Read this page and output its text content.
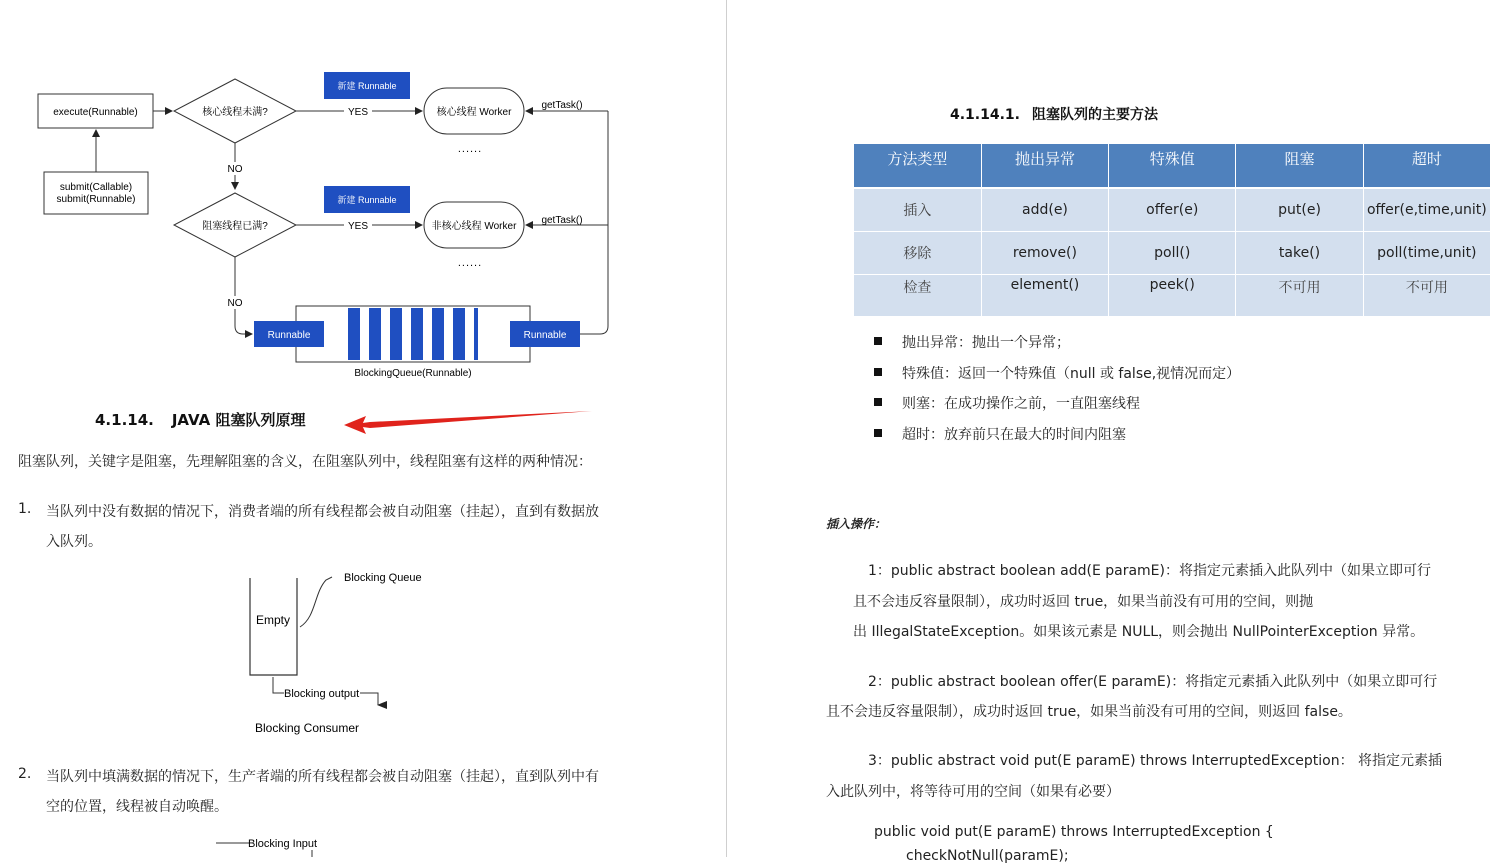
execute(Runnable)
submit(Callable)
submit(Runnable)
核心线程未满?	YES
新建 Runnable
核心线程 Worker
......
getTask()
NO
阻塞线程已满?	YES
新建 Runnable
非核心线程 Worker
......
getTask()
NO
Runnable	Runnable
BlockingQueue(Runnable)
4.1.14. JAVA 阻塞队列原理
阻塞队列，关键字是阻塞，先理解阻塞的含义，在阻塞队列中，线程阻塞有这样的两种情况：
1. 当队列中没有数据的情况下，消费者端的所有线程都会被自动阻塞（挂起），直到有数据放
入队列。
Empty
Blocking Queue
Blocking output
Blocking Consumer
2. 当队列中填满数据的情况下，生产者端的所有线程都会被自动阻塞（挂起），直到队列中有
空的位置，线程被自动唤醒。
Blocking Input
4.1.14.1. 阻塞队列的主要方法
方法类型	抛出异常	特殊值	阻塞	超时
插入	add(e)	offer(e)	put(e)	offer(e,time,unit)
移除	remove()	poll()	take()	poll(time,unit)
检查	element()	peek()	不可用	不可用
抛出异常：抛出一个异常；
特殊值：返回一个特殊值（null 或 false,视情况而定）
则塞：在成功操作之前，一直阻塞线程
超时：放弃前只在最大的时间内阻塞
插入操作：
1：public abstract boolean add(E paramE)：将指定元素插入此队列中（如果立即可行
且不会违反容量限制），成功时返回 true，如果当前没有可用的空间，则抛
出 IllegalStateException。如果该元素是 NULL，则会抛出 NullPointerException 异常。
2：public abstract boolean offer(E paramE)：将指定元素插入此队列中（如果立即可行
且不会违反容量限制），成功时返回 true，如果当前没有可用的空间，则返回 false。
3：public abstract void put(E paramE) throws InterruptedException： 将指定元素插
入此队列中，将等待可用的空间（如果有必要）
public void put(E paramE) throws InterruptedException {
checkNotNull(paramE);
